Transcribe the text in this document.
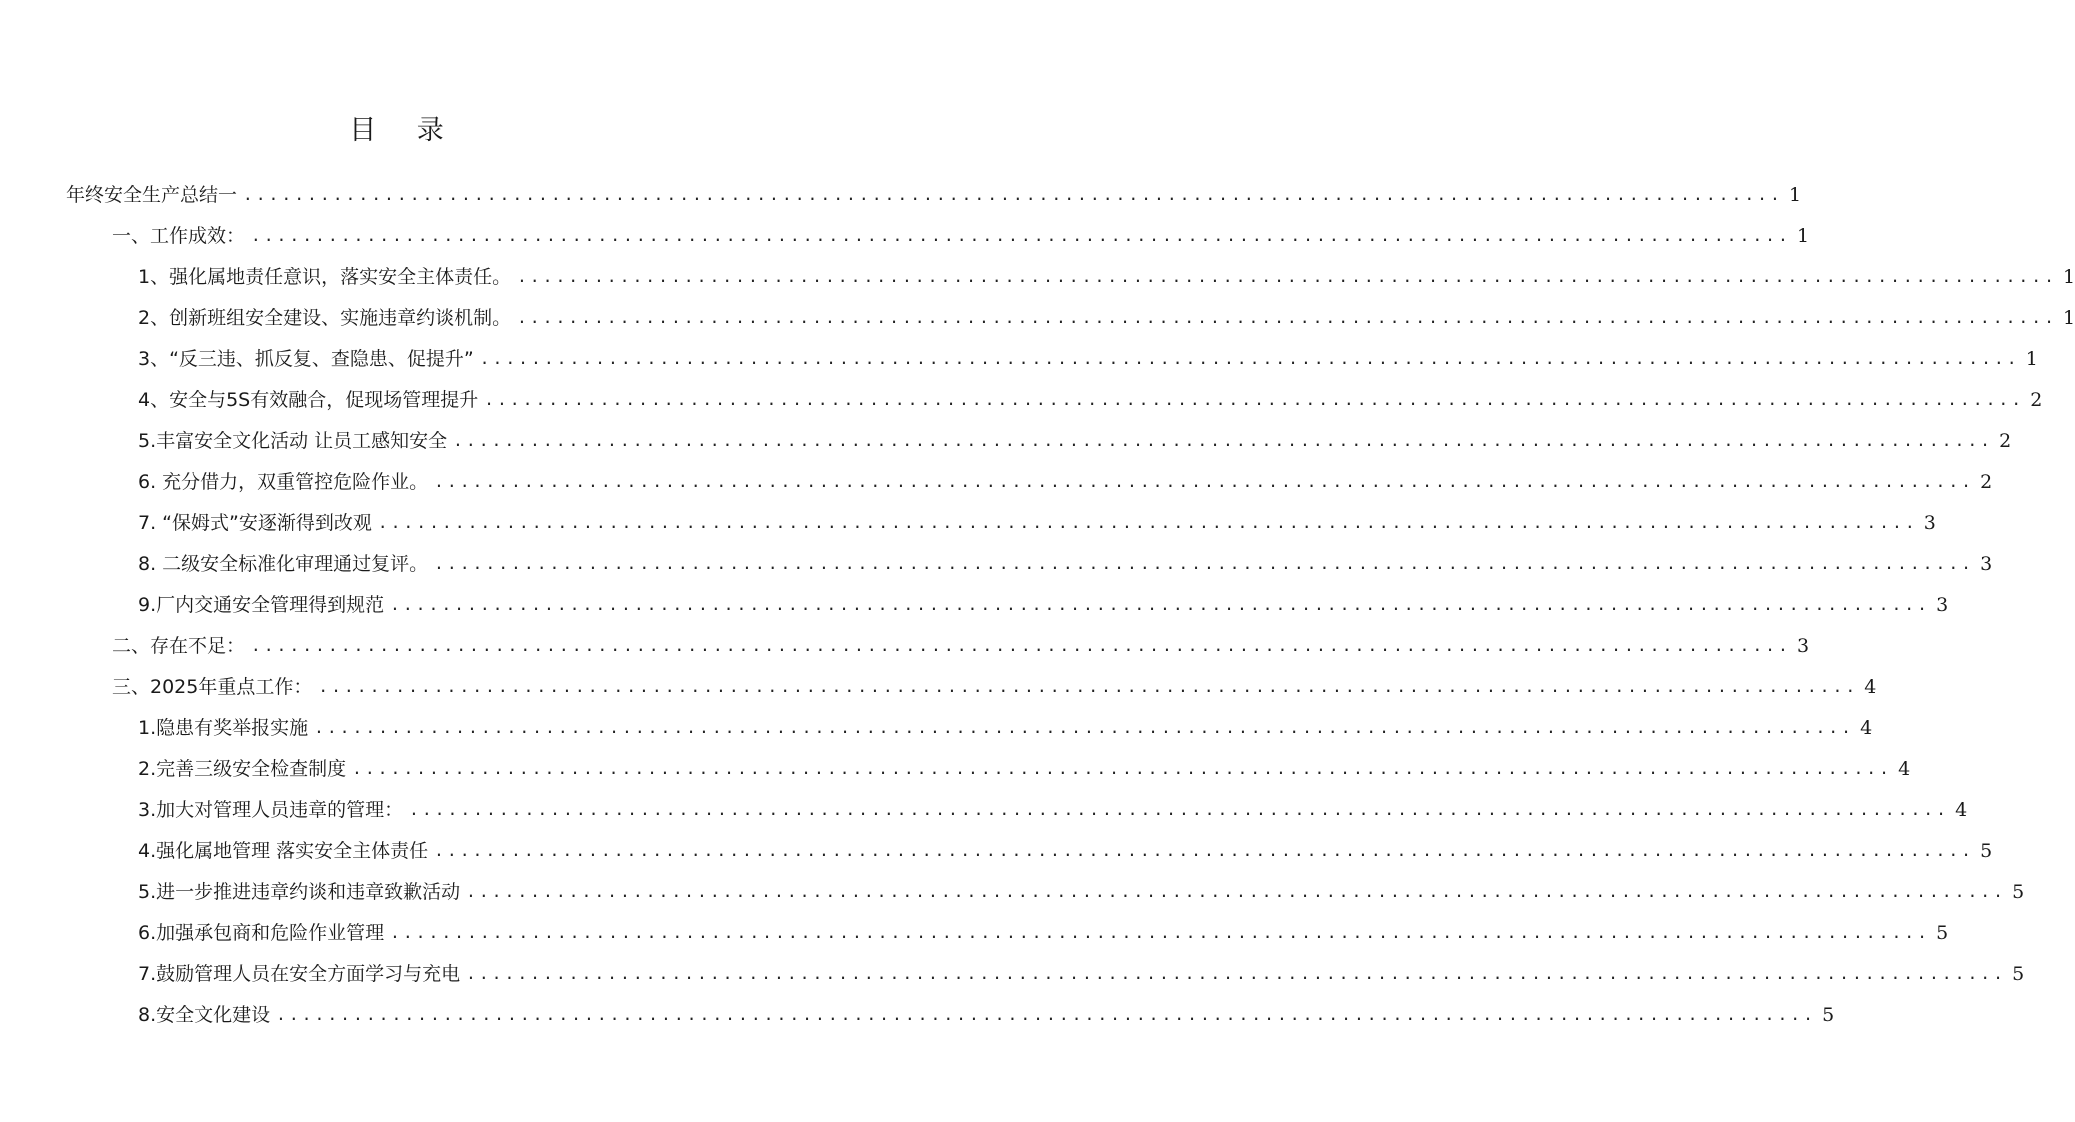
目 录
年终安全生产总结一 ........................................................................................................................ 1
一、工作成效： ........................................................................................................................ 1
1、强化属地责任意识，落实安全主体责任。 ........................................................................................................................ 1
2、创新班组安全建设、实施违章约谈机制。 ........................................................................................................................ 1
3、“反三违、抓反复、查隐患、促提升” ........................................................................................................................ 1
4、安全与5S有效融合，促现场管理提升 ........................................................................................................................ 2
5.丰富安全文化活动 让员工感知安全 ........................................................................................................................ 2
6. 充分借力，双重管控危险作业。 ........................................................................................................................ 2
7. “保姆式”安逐渐得到改观 ........................................................................................................................ 3
8. 二级安全标准化审理通过复评。 ........................................................................................................................ 3
9.厂内交通安全管理得到规范 ........................................................................................................................ 3
二、存在不足： ........................................................................................................................ 3
三、2025年重点工作： ........................................................................................................................ 4
1.隐患有奖举报实施 ........................................................................................................................ 4
2.完善三级安全检查制度 ........................................................................................................................ 4
3.加大对管理人员违章的管理： ........................................................................................................................ 4
4.强化属地管理 落实安全主体责任 ........................................................................................................................ 5
5.进一步推进违章约谈和违章致歉活动 ........................................................................................................................ 5
6.加强承包商和危险作业管理 ........................................................................................................................ 5
7.鼓励管理人员在安全方面学习与充电 ........................................................................................................................ 5
8.安全文化建设 ........................................................................................................................ 5
